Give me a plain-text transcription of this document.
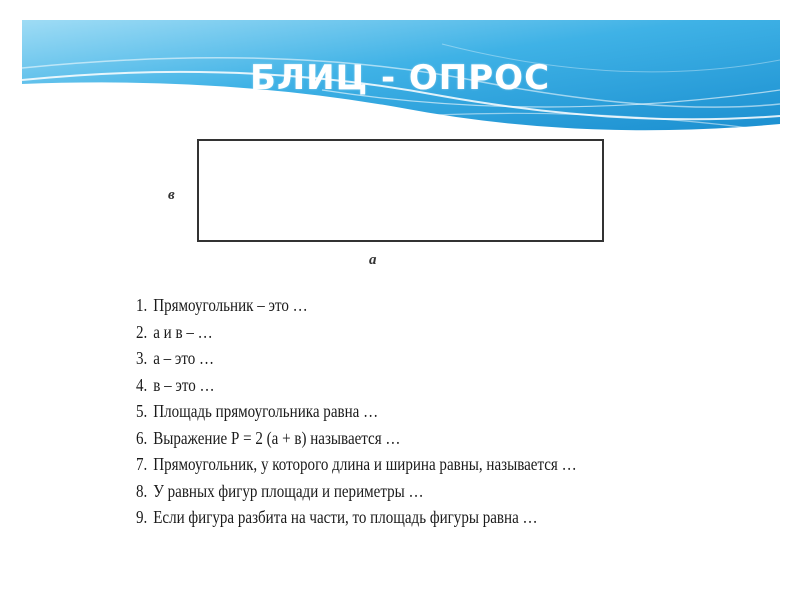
БЛИЦ - ОПРОС
в
а
1. Прямоугольник – это …
2. а и в – …
3. а – это …
4. в – это …
5. Площадь прямоугольника равна …
6. Выражение Р = 2 (а + в) называется …
7. Прямоугольник, у которого длина и ширина равны, называется …
8. У равных фигур площади и периметры …
9. Если фигура разбита на части, то площадь фигуры равна …
